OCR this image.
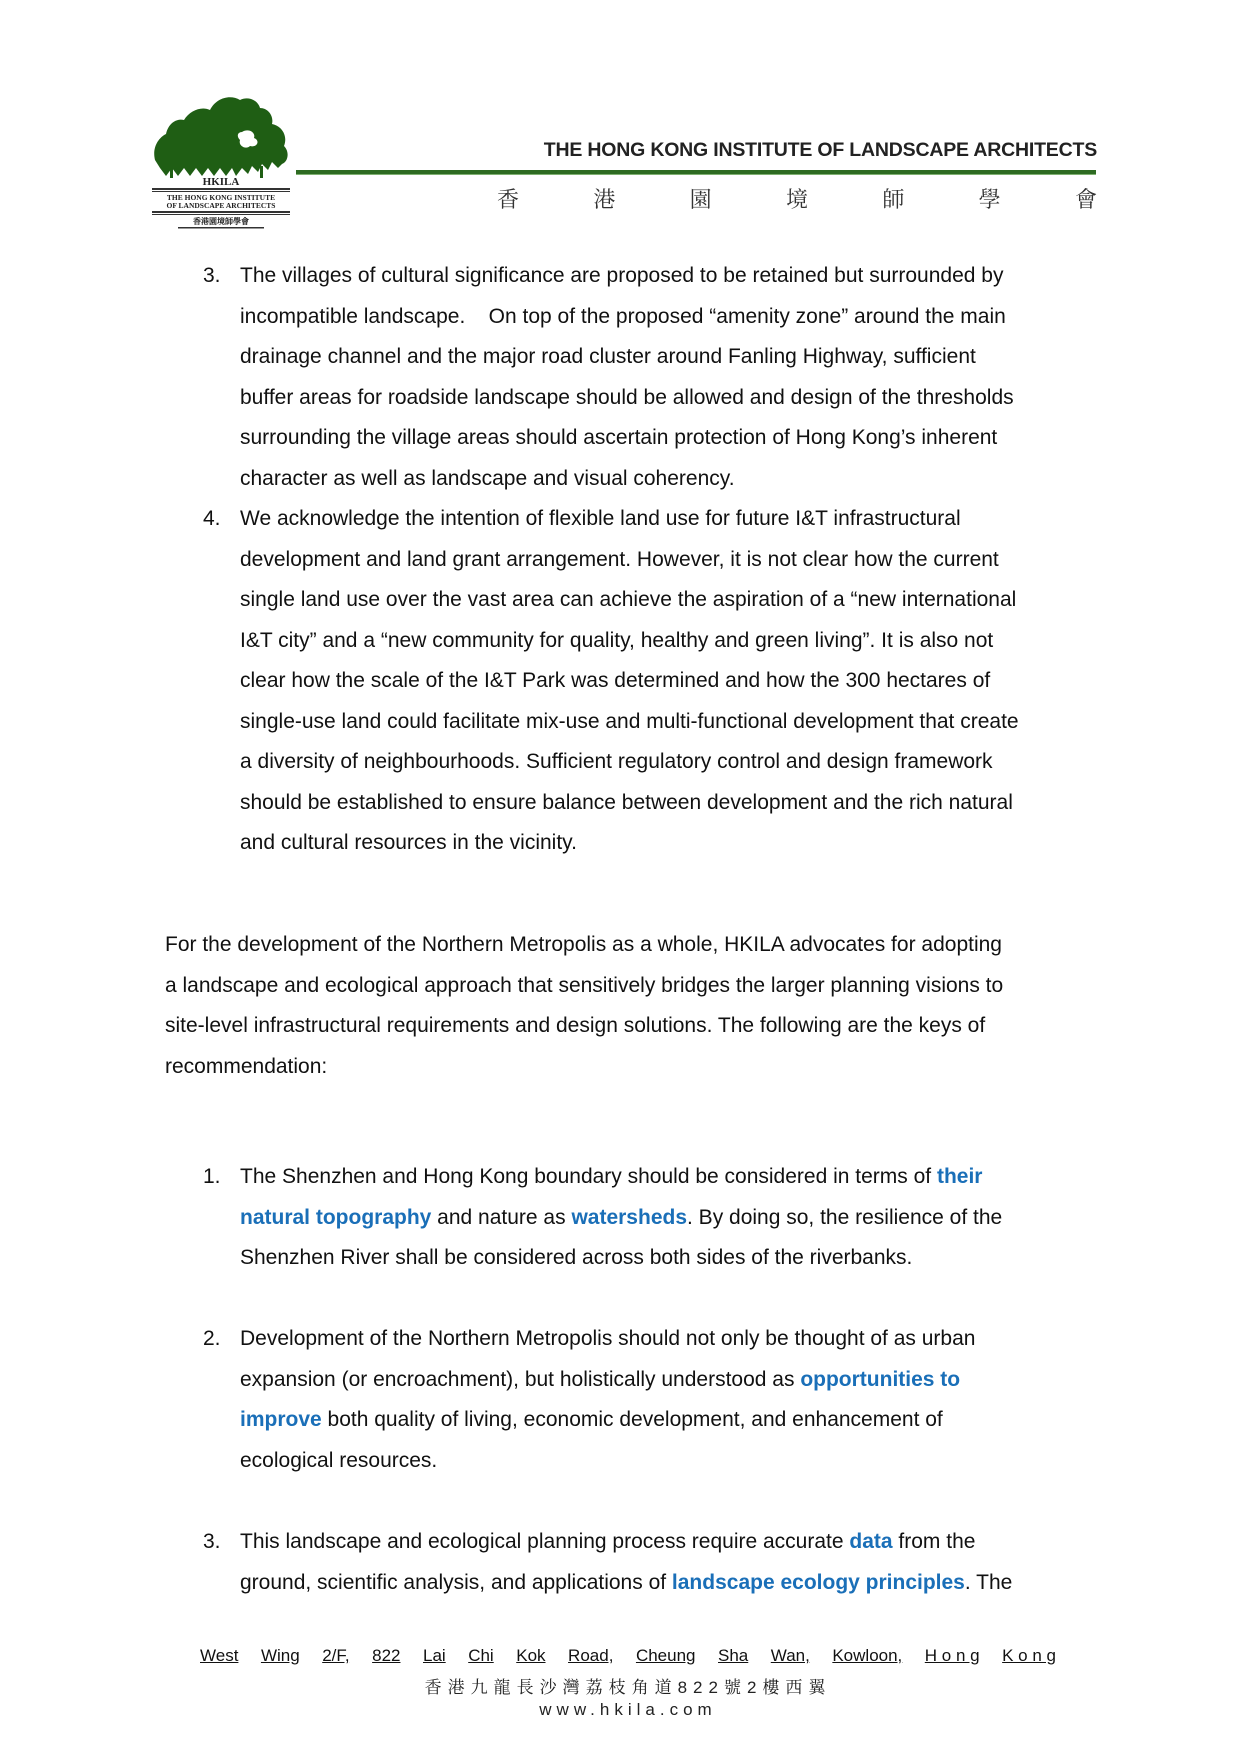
HKILA
THE HONG KONG INSTITUTE
OF LANDSCAPE ARCHITECTS
香港園境師學會
THE HONG KONG INSTITUTE OF LANDSCAPE ARCHITECTS
香	港	園	境	師	學	會
3. The villages of cultural significance are proposed to be retained but surrounded by
incompatible landscape.    On top of the proposed “amenity zone” around the main
drainage channel and the major road cluster around Fanling Highway, sufficient
buffer areas for roadside landscape should be allowed and design of the thresholds
surrounding the village areas should ascertain protection of Hong Kong’s inherent
character as well as landscape and visual coherency.
4. We acknowledge the intention of flexible land use for future I&T infrastructural
development and land grant arrangement. However, it is not clear how the current
single land use over the vast area can achieve the aspiration of a “new international
I&T city” and a “new community for quality, healthy and green living”. It is also not
clear how the scale of the I&T Park was determined and how the 300 hectares of
single-use land could facilitate mix-use and multi-functional development that create
a diversity of neighbourhoods. Sufficient regulatory control and design framework
should be established to ensure balance between development and the rich natural
and cultural resources in the vicinity.
For the development of the Northern Metropolis as a whole, HKILA advocates for adopting
a landscape and ecological approach that sensitively bridges the larger planning visions to
site-level infrastructural requirements and design solutions. The following are the keys of
recommendation:
1. The Shenzhen and Hong Kong boundary should be considered in terms of their
natural topography and nature as watersheds. By doing so, the resilience of the
Shenzhen River shall be considered across both sides of the riverbanks.
2. Development of the Northern Metropolis should not only be thought of as urban
expansion (or encroachment), but holistically understood as opportunities to
improve both quality of living, economic development, and enhancement of
ecological resources.
3. This landscape and ecological planning process require accurate data from the
ground, scientific analysis, and applications of landscape ecology principles. The
West Wing 2/F, 822 Lai Chi Kok Road, Cheung Sha Wan, Kowloon, H o n g K o n g
香港九龍長沙灣荔枝角道822號2樓西翼
www.hkila.com
